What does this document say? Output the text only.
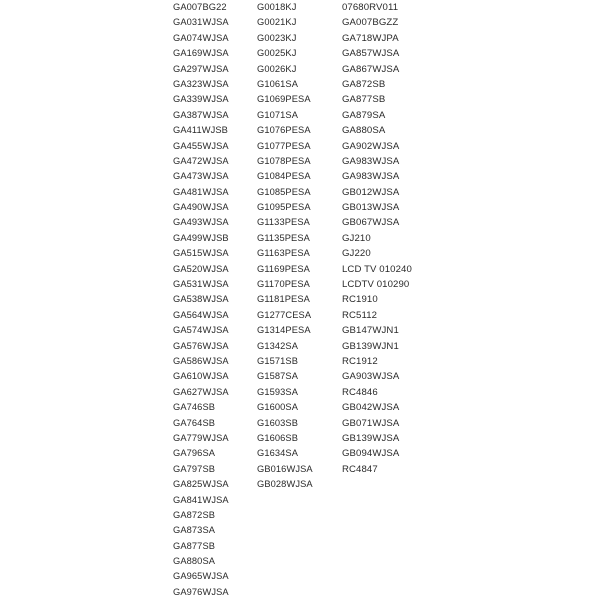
GA007BG22
GA031WJSA
GA074WJSA
GA169WJSA
GA297WJSA
GA323WJSA
GA339WJSA
GA387WJSA
GA411WJSB
GA455WJSA
GA472WJSA
GA473WJSA
GA481WJSA
GA490WJSA
GA493WJSA
GA499WJSB
GA515WJSA
GA520WJSA
GA531WJSA
GA538WJSA
GA564WJSA
GA574WJSA
GA576WJSA
GA586WJSA
GA610WJSA
GA627WJSA
GA746SB
GA764SB
GA779WJSA
GA796SA
GA797SB
GA825WJSA
GA841WJSA
GA872SB
GA873SA
GA877SB
GA880SA
GA965WJSA
GA976WJSA
G0018KJ
G0021KJ
G0023KJ
G0025KJ
G0026KJ
G1061SA
G1069PESA
G1071SA
G1076PESA
G1077PESA
G1078PESA
G1084PESA
G1085PESA
G1095PESA
G1133PESA
G1135PESA
G1163PESA
G1169PESA
G1170PESA
G1181PESA
G1277CESA
G1314PESA
G1342SA
G1571SB
G1587SA
G1593SA
G1600SA
G1603SB
G1606SB
G1634SA
GB016WJSA
GB028WJSA
07680RV011
GA007BGZZ
GA718WJPA
GA857WJSA
GA867WJSA
GA872SB
GA877SB
GA879SA
GA880SA
GA902WJSA
GA983WJSA
GA983WJSA
GB012WJSA
GB013WJSA
GB067WJSA
GJ210
GJ220
LCD TV 010240
LCDTV 010290
RC1910
RC5112
GB147WJN1
GB139WJN1
RC1912
GA903WJSA
RC4846
GB042WJSA
GB071WJSA
GB139WJSA
GB094WJSA
RC4847
